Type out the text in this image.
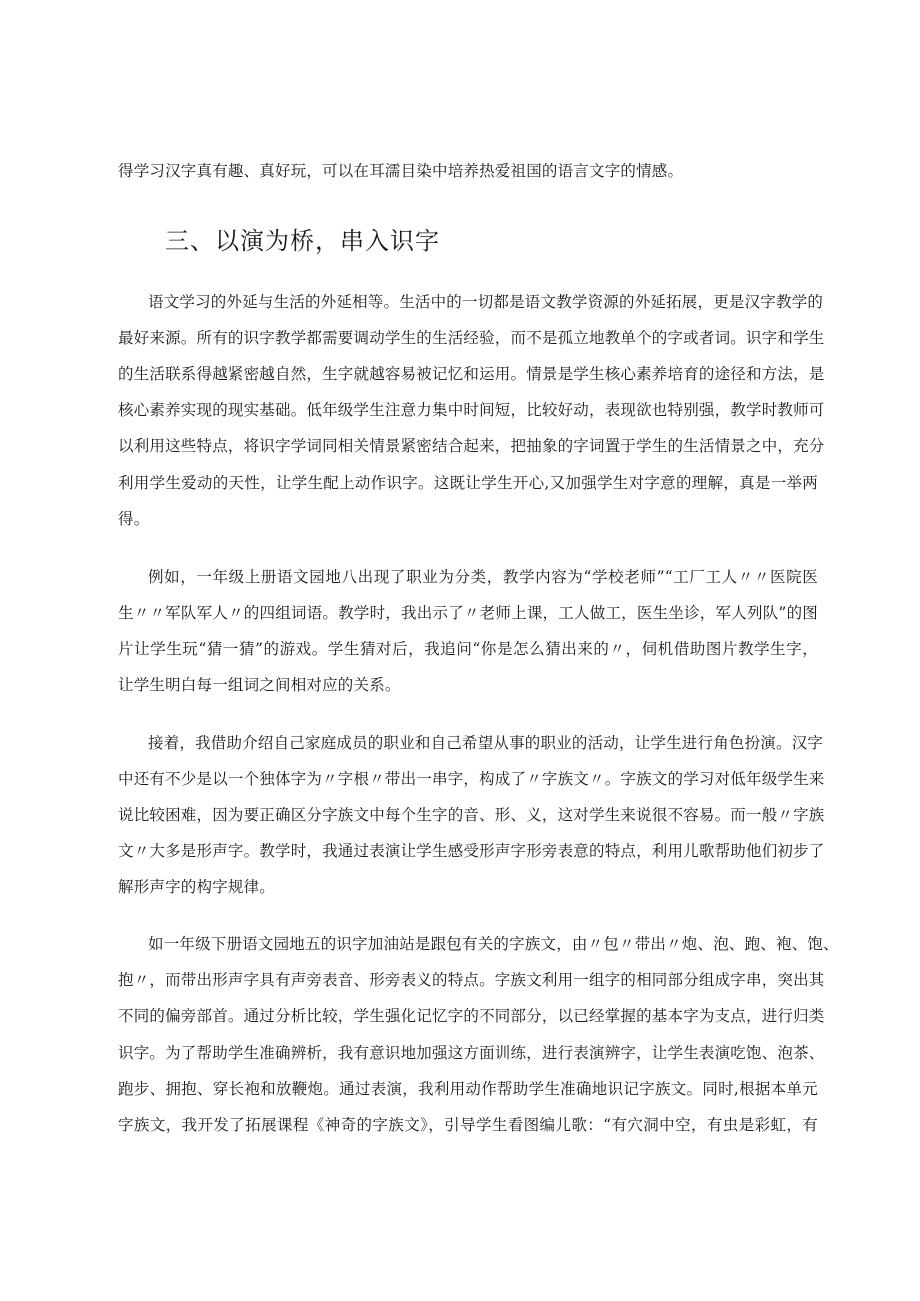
得学习汉字真有趣、真好玩，可以在耳濡目染中培养热爱祖国的语言文字的情感。
三、以演为桥，串入识字
语文学习的外延与生活的外延相等。生活中的一切都是语文教学资源的外延拓展，更是汉字教学的
最好来源。所有的识字教学都需要调动学生的生活经验，而不是孤立地教单个的字或者词。识字和学生
的生活联系得越紧密越自然，生字就越容易被记忆和运用。情景是学生核心素养培育的途径和方法，是
核心素养实现的现实基础。低年级学生注意力集中时间短，比较好动，表现欲也特别强，教学时教师可
以利用这些特点，将识字学词同相关情景紧密结合起来，把抽象的字词置于学生的生活情景之中，充分
利用学生爱动的天性，让学生配上动作识字。这既让学生开心,又加强学生对字意的理解，真是一举两
得。
例如，一年级上册语文园地八出现了职业为分类，教学内容为“学校老师”“工厂工人〃〃医院医
生〃〃军队军人〃的四组词语。教学时，我出示了〃老师上课，工人做工，医生坐诊，军人列队”的图
片让学生玩“猜一猜”的游戏。学生猜对后，我追问“你是怎么猜出来的〃，伺机借助图片教学生字，
让学生明白每一组词之间相对应的关系。
接着，我借助介绍自己家庭成员的职业和自己希望从事的职业的活动，让学生进行角色扮演。汉字
中还有不少是以一个独体字为〃字根〃带出一串字，构成了〃字族文〃。字族文的学习对低年级学生来
说比较困难，因为要正确区分字族文中每个生字的音、形、义，这对学生来说很不容易。而一般〃字族
文〃大多是形声字。教学时，我通过表演让学生感受形声字形旁表意的特点，利用儿歌帮助他们初步了
解形声字的构字规律。
如一年级下册语文园地五的识字加油站是跟包有关的字族文，由〃包〃带出〃炮、泡、跑、袍、饱、
抱〃，而带出形声字具有声旁表音、形旁表义的特点。字族文利用一组字的相同部分组成字串，突出其
不同的偏旁部首。通过分析比较，学生强化记忆字的不同部分，以已经掌握的基本字为支点，进行归类
识字。为了帮助学生准确辨析，我有意识地加强这方面训练，进行表演辨字，让学生表演吃饱、泡茶、
跑步、拥抱、穿长袍和放鞭炮。通过表演，我利用动作帮助学生准确地识记字族文。同时,根据本单元
字族文，我开发了拓展课程《神奇的字族文》，引导学生看图编儿歌：“有穴洞中空，有虫是彩虹，有
